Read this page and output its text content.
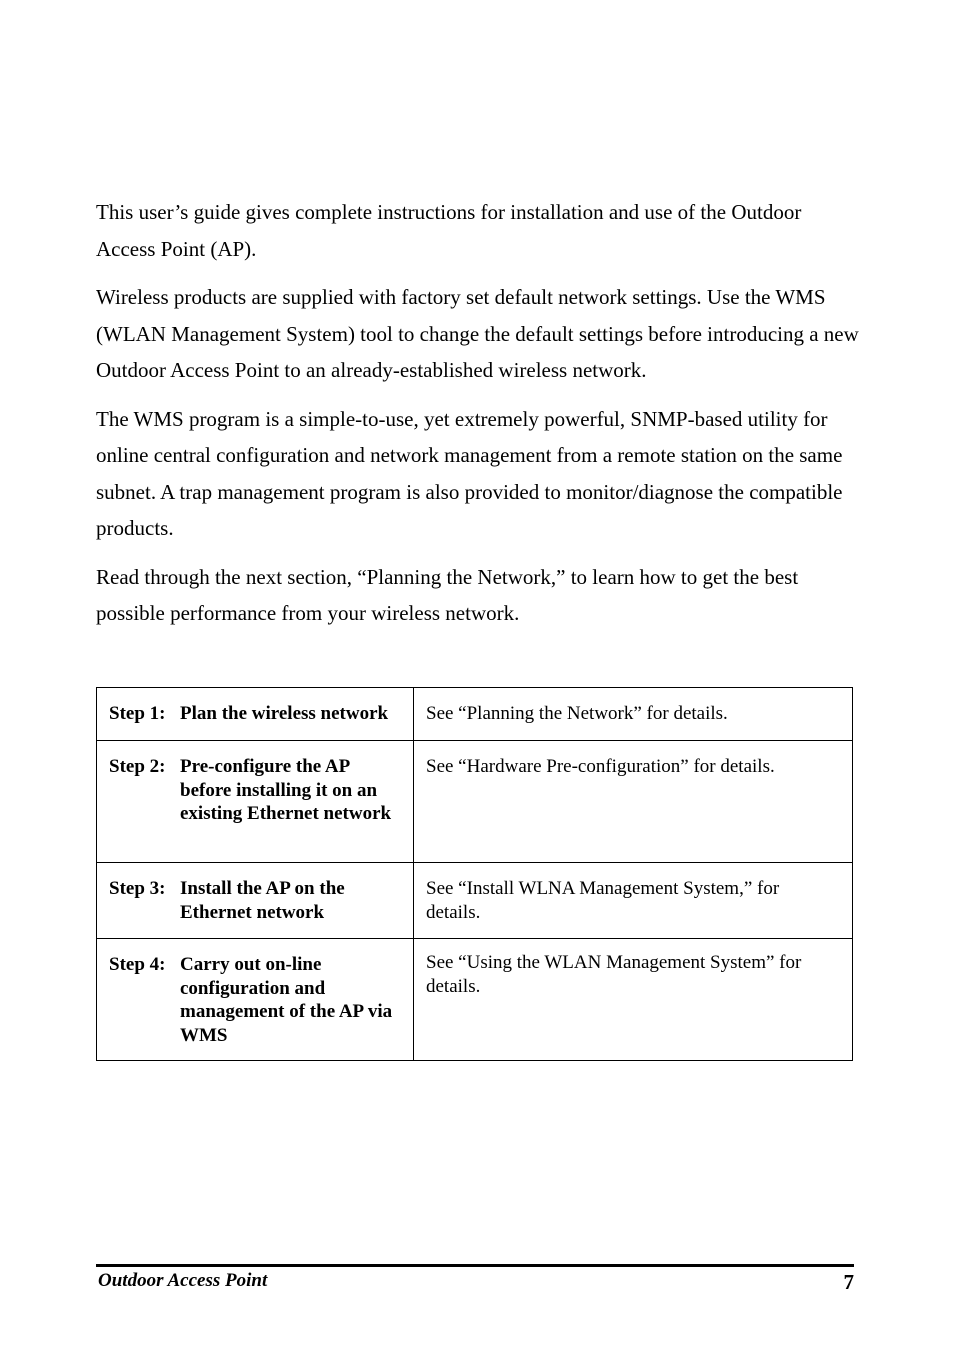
This user’s guide gives complete instructions for installation and use of the Outdoor Access Point (AP).

Wireless products are supplied with factory set default network settings. Use the WMS (WLAN Management System) tool to change the default settings before introducing a new Outdoor Access Point to an already-established wireless network.

The WMS program is a simple-to-use, yet extremely powerful, SNMP-based utility for online central configuration and network management from a remote station on the same subnet. A trap management program is also provided to monitor/diagnose the compatible products.

Read through the next section, “Planning the Network,” to learn how to get the best possible performance from your wireless network.

Step 1: Plan the wireless network	See “Planning the Network” for details.

Step 2: Pre-configure the AP before installing it on an existing Ethernet network	See “Hardware Pre-configuration” for details.

Step 3: Install the AP on the Ethernet network	See “Install WLNA Management System,” for details.

Step 4: Carry out on-line configuration and management of the AP via WMS	See “Using the WLAN Management System” for details.
Outdoor Access Point	7
